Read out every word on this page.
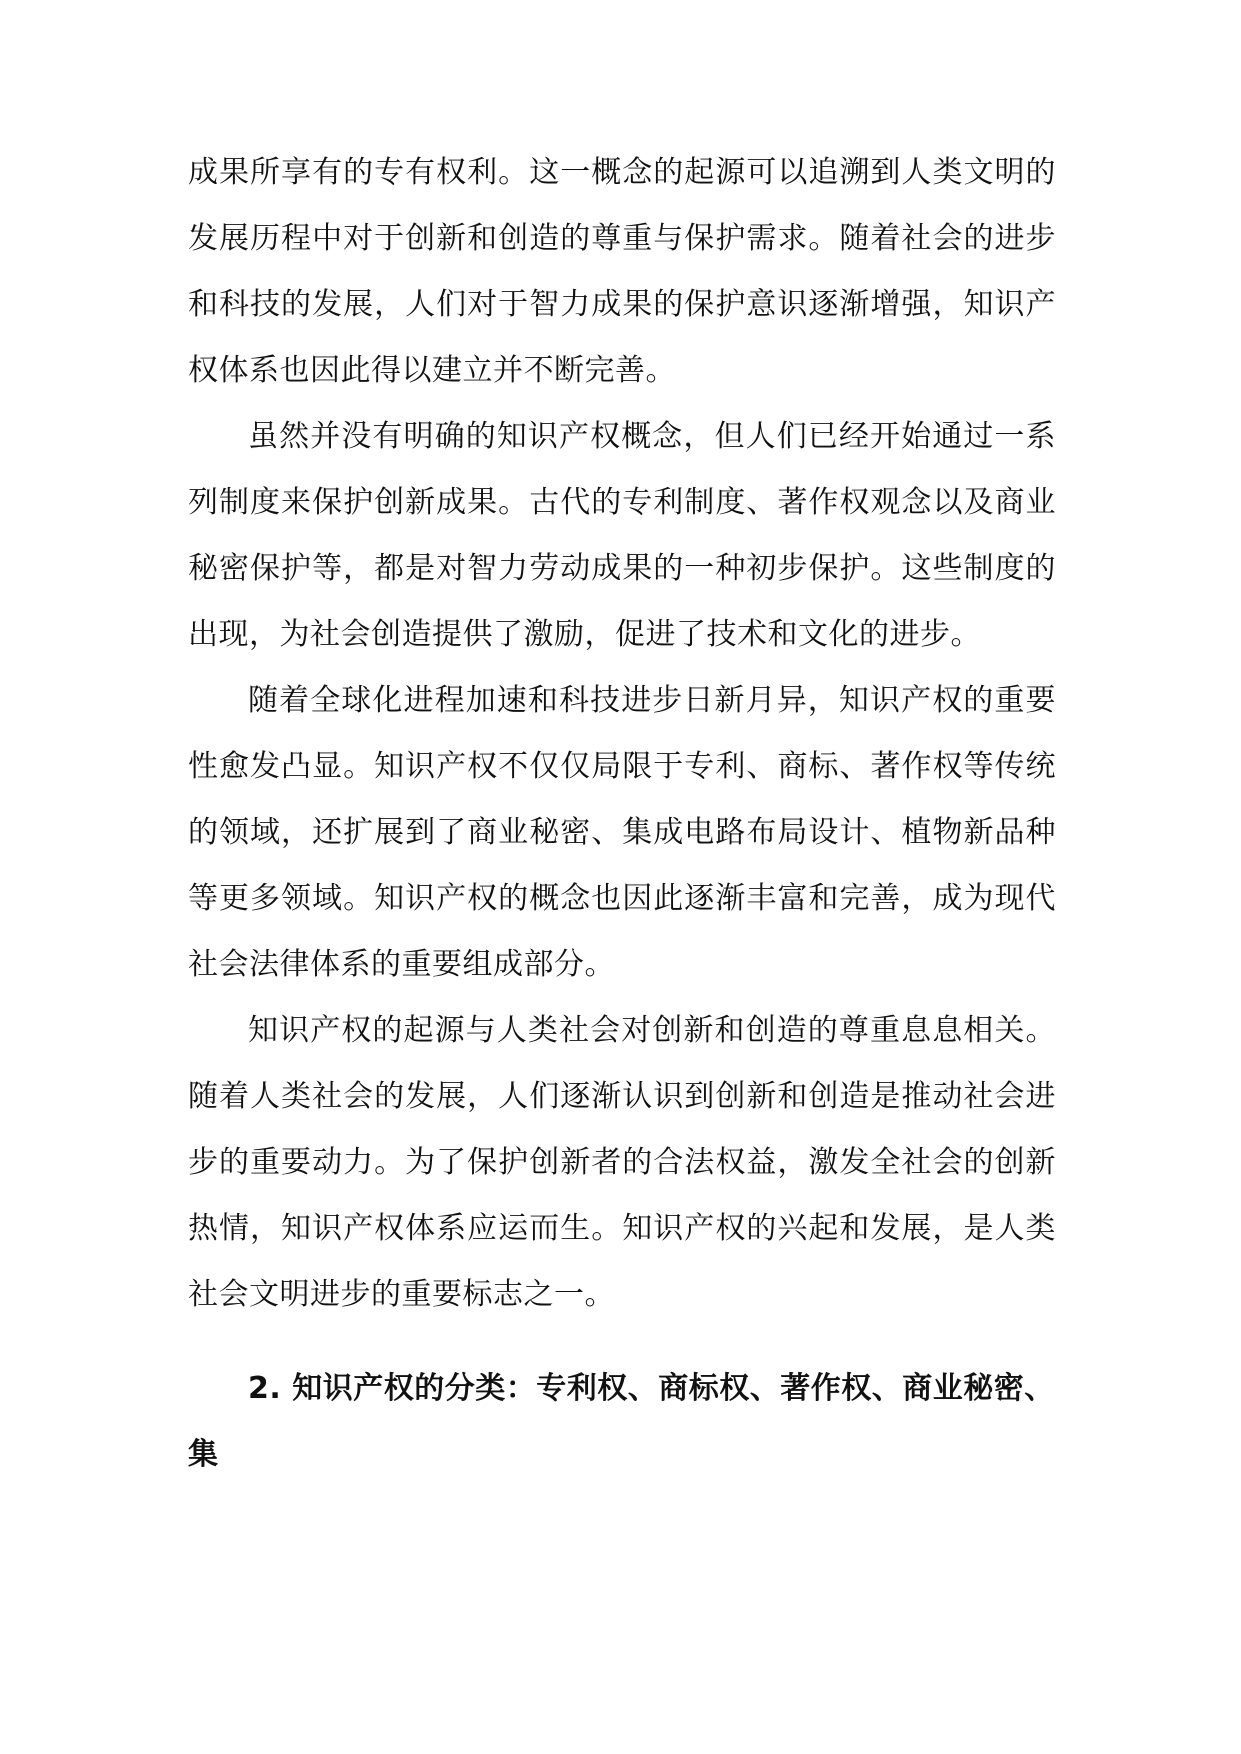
成果所享有的专有权利。这一概念的起源可以追溯到人类文明的发展历程中对于创新和创造的尊重与保护需求。随着社会的进步和科技的发展，人们对于智力成果的保护意识逐渐增强，知识产权体系也因此得以建立并不断完善。

虽然并没有明确的知识产权概念，但人们已经开始通过一系列制度来保护创新成果。古代的专利制度、著作权观念以及商业秘密保护等，都是对智力劳动成果的一种初步保护。这些制度的出现，为社会创造提供了激励，促进了技术和文化的进步。

随着全球化进程加速和科技进步日新月异，知识产权的重要性愈发凸显。知识产权不仅仅局限于专利、商标、著作权等传统的领域，还扩展到了商业秘密、集成电路布局设计、植物新品种等更多领域。知识产权的概念也因此逐渐丰富和完善，成为现代社会法律体系的重要组成部分。

知识产权的起源与人类社会对创新和创造的尊重息息相关。随着人类社会的发展，人们逐渐认识到创新和创造是推动社会进步的重要动力。为了保护创新者的合法权益，激发全社会的创新热情，知识产权体系应运而生。知识产权的兴起和发展，是人类社会文明进步的重要标志之一。

2. 知识产权的分类：专利权、商标权、著作权、商业秘密、集
